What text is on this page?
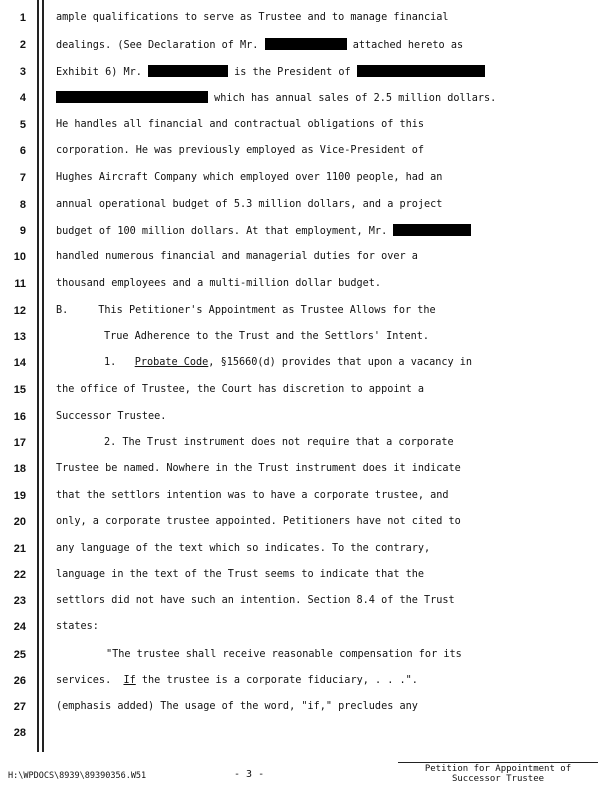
1
2
3
4
5
6
7
8
9
10
11
12
13
14
15
16
17
18
19
20
21
22
23
24
25
26
27
28
ample qualifications to serve as Trustee and to manage financial
dealings. (See Declaration of Mr.	attached hereto as
Exhibit 6) Mr.	is the President of
which has annual sales of 2.5 million dollars.
He handles all financial and contractual obligations of this
corporation. He was previously employed as Vice-President of
Hughes Aircraft Company which employed over 1100 people, had an
annual operational budget of 5.3 million dollars, and a project
budget of 100 million dollars. At that employment, Mr.
handled numerous financial and managerial duties for over a
thousand employees and a multi-million dollar budget.
B.	This Petitioner's Appointment as Trustee Allows for the
True Adherence to the Trust and the Settlors' Intent.
1. Probate Code, §15660(d) provides that upon a vacancy in
the office of Trustee, the Court has discretion to appoint a
Successor Trustee.
2. The Trust instrument does not require that a corporate
Trustee be named. Nowhere in the Trust instrument does it indicate
that the settlors intention was to have a corporate trustee, and
only, a corporate trustee appointed. Petitioners have not cited to
any language of the text which so indicates. To the contrary,
language in the text of the Trust seems to indicate that the
settlors did not have such an intention. Section 8.4 of the Trust
states:
"The trustee shall receive reasonable compensation for its
services. If the trustee is a corporate fiduciary, . . .".
(emphasis added) The usage of the word, "if," precludes any
H:\WPDOCS\8939\89390356.W51	- 3 -	Petition for Appointment of
Successor Trustee
